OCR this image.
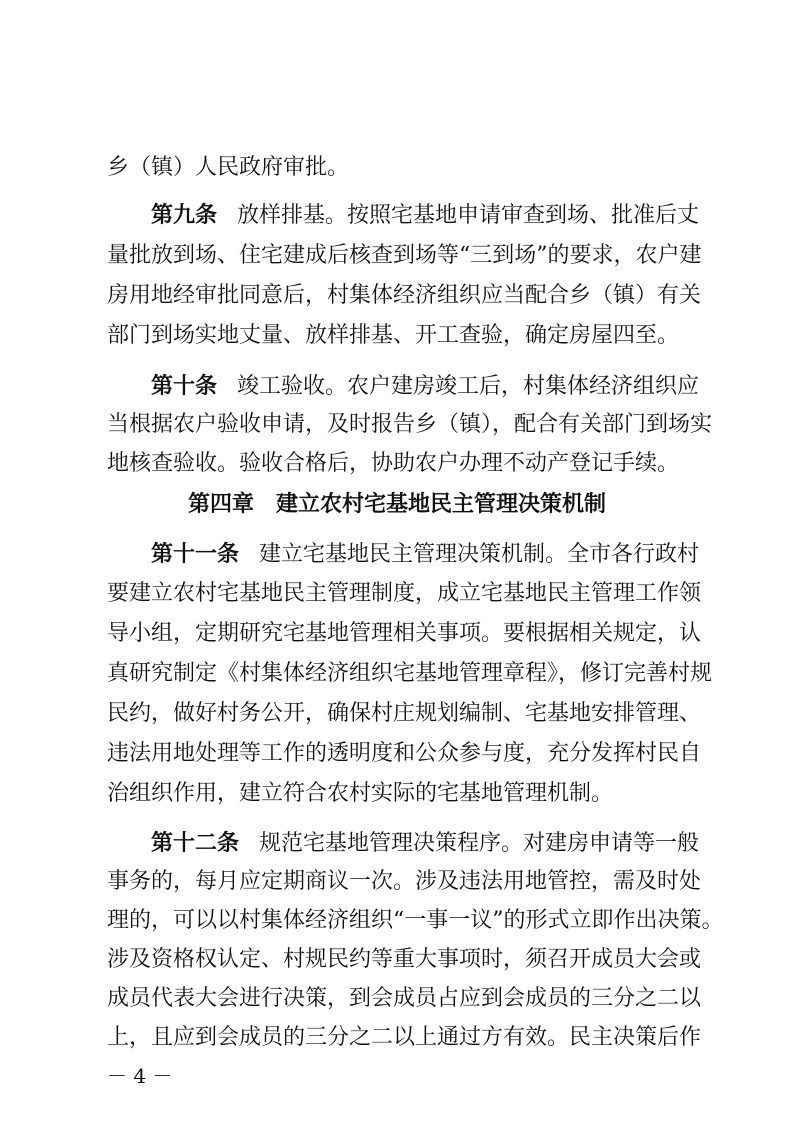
乡（镇）人民政府审批。
第九条 放样排基。按照宅基地申请审查到场、批准后丈
量批放到场、住宅建成后核查到场等“三到场”的要求，农户建
房用地经审批同意后，村集体经济组织应当配合乡（镇）有关
部门到场实地丈量、放样排基、开工查验，确定房屋四至。
第十条 竣工验收。农户建房竣工后，村集体经济组织应
当根据农户验收申请，及时报告乡（镇），配合有关部门到场实
地核查验收。验收合格后，协助农户办理不动产登记手续。
第四章　建立农村宅基地民主管理决策机制
第十一条 建立宅基地民主管理决策机制。全市各行政村
要建立农村宅基地民主管理制度，成立宅基地民主管理工作领
导小组，定期研究宅基地管理相关事项。要根据相关规定，认
真研究制定《村集体经济组织宅基地管理章程》，修订完善村规
民约，做好村务公开，确保村庄规划编制、宅基地安排管理、
违法用地处理等工作的透明度和公众参与度，充分发挥村民自
治组织作用，建立符合农村实际的宅基地管理机制。
第十二条 规范宅基地管理决策程序。对建房申请等一般
事务的，每月应定期商议一次。涉及违法用地管控，需及时处
理的，可以以村集体经济组织“一事一议”的形式立即作出决策。
涉及资格权认定、村规民约等重大事项时，须召开成员大会或
成员代表大会进行决策，到会成员占应到会成员的三分之二以
上，且应到会成员的三分之二以上通过方有效。民主决策后作
－ 4 －
